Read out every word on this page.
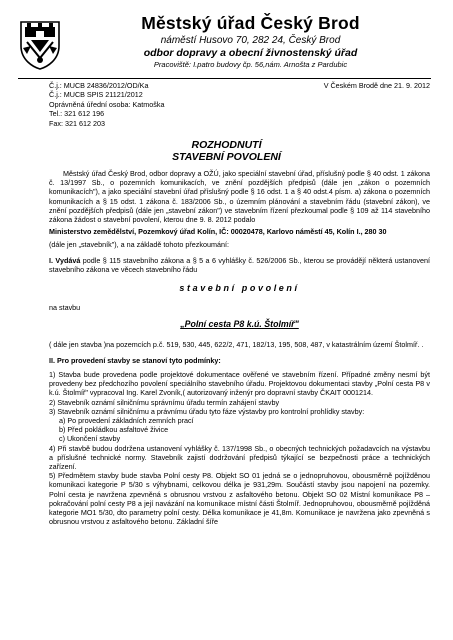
Městský úřad Český Brod
náměstí Husovo 70, 282 24, Český Brod
odbor dopravy a obecní živnostenský úřad
Pracoviště: I.patro budovy čp. 56,nám. Arnošta z Pardubic
Č.j.: MUCB 24836/2012/OD/Ka
Č.j.: MUCB SPIS 21121/2012
Oprávněná úřední osoba: Katmoška
Tel.: 321 612 196
Fax: 321 612 203
V Českém Brodě dne 21. 9. 2012
ROZHODNUTÍ
STAVEBNÍ POVOLENÍ

Městský úřad Český Brod, odbor dopravy a OŽÚ, jako speciální stavební úřad, příslušný podle § 40 odst. 1 zákona č. 13/1997 Sb., o pozemních komunikacích, ve znění pozdějších předpisů (dále jen „zákon o pozemních komunikacích"), a jako speciální stavební úřad příslušný podle § 16 odst. 1 a § 40 odst.4 písm. a) zákona o pozemních komunikacích a § 15 odst. 1 zákona č. 183/2006 Sb., o územním plánování a stavebním řádu (stavební zákon), ve znění pozdějších předpisů (dále jen „stavební zákon") ve stavebním řízení přezkoumal podle § 109 až 114 stavebního zákona žádost o stavební povolení, kterou dne 9. 8. 2012 podalo

Ministerstvo zemědělství, Pozemkový úřad Kolín, IČ: 00020478, Karlovo náměstí 45, Kolín I., 280 30

(dále jen „stavebník"), a na základě tohoto přezkoumání:

I. Vydává podle § 115 stavebního zákona a § 5 a 6 vyhlášky č. 526/2006 Sb., kterou se provádějí některá ustanovení stavebního zákona ve věcech stavebního řádu

stavební povolení

na stavbu

„Polní cesta P8 k.ú. Štolmíř"

( dále jen stavba )na pozemcích p.č. 519, 530, 445, 622/2, 471, 182/13, 195, 508, 487, v katastrálním území Štolmíř. .

II. Pro provedení stavby se stanoví tyto podmínky:

1) Stavba bude provedena podle projektové dokumentace ověřené ve stavebním řízení. Případné změny nesmí být provedeny bez předchozího povolení speciálního stavebního úřadu. Projektovou dokumentaci stavby „Polní cesta P8 v k.ú. Štolmíř" vypracoval Ing. Karel Zvoník,( autorizovaný inženýr pro dopravní stavby ČKAIT 0001214.

2) Stavebník oznámí silničnímu správnímu úřadu termín zahájení stavby

3) Stavebník oznámí silničnímu a právnímu úřadu tyto fáze výstavby pro kontrolní prohlídky stavby:

a) Po provedení základních zemních prací

b) Před pokládkou asfaltové živice

c) Ukončení stavby

4) Při stavbě budou dodržena ustanovení vyhlášky č. 137/1998 Sb., o obecných technických požadavcích na výstavbu a příslušné technické normy. Stavebník zajistí dodržování předpisů týkající se bezpečnosti práce a technických zařízení.

5) Předmětem stavby bude stavba Polní cesty P8. Objekt SO 01 jedná se o jednopruhovou, obousměrně pojížděnou komunikaci kategorie P 5/30 s výhybnami, celkovou délka je 931,29m. Součástí stavby jsou napojení na pozemky. Polní cesta je navržena zpevněná s obrusnou vrstvou z asfaltového betonu. Objekt SO 02 Místní komunikace P8 – pokračování polní cesty P8 a její navázání na komunikace místní části Štolmíř. Jednopruhovou, obousměrně pojížděná kategorie MO1 5/30, dto parametry polní cesty. Délka komunikace je 41,8m. Komunikace je navržena jako zpevněná s obrusnou vrstvou z asfaltového betonu. Základní šíře
